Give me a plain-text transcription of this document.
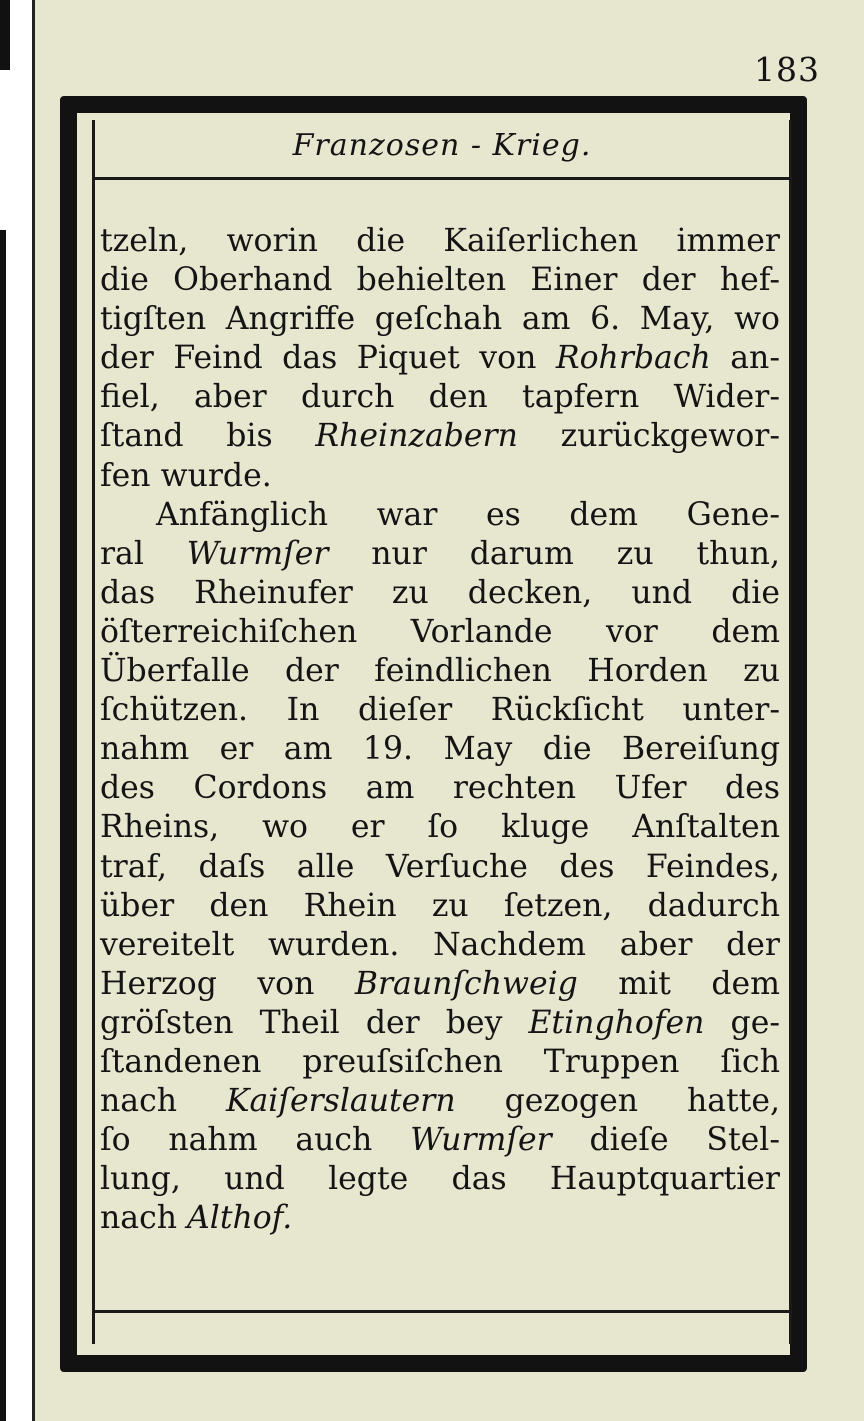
183
Franzosen - Krieg.
tzeln, worin die Kaiſerlichen immer
die Oberhand behielten Einer der hef-
tigſten Angriffe geſchah am 6. May, wo
der Feind das Piquet von Rohrbach an-
fiel, aber durch den tapfern Wider-
ſtand bis Rheinzabern zurückgewor-
fen wurde.
Anfänglich war es dem Gene-
ral Wurmſer nur darum zu thun,
das Rheinufer zu decken, und die
öſterreichiſchen Vorlande vor dem
Überfalle der feindlichen Horden zu
ſchützen. In dieſer Rückſicht unter-
nahm er am 19. May die Bereiſung
des Cordons am rechten Ufer des
Rheins, wo er ſo kluge Anſtalten
traf, daſs alle Verſuche des Feindes,
über den Rhein zu ſetzen, dadurch
vereitelt wurden. Nachdem aber der
Herzog von Braunſchweig mit dem
gröſsten Theil der bey Etinghofen ge-
ſtandenen preuſsiſchen Truppen ſich
nach Kaiſerslautern gezogen hatte,
ſo nahm auch Wurmſer dieſe Stel-
lung, und legte das Hauptquartier
nach Althof.
